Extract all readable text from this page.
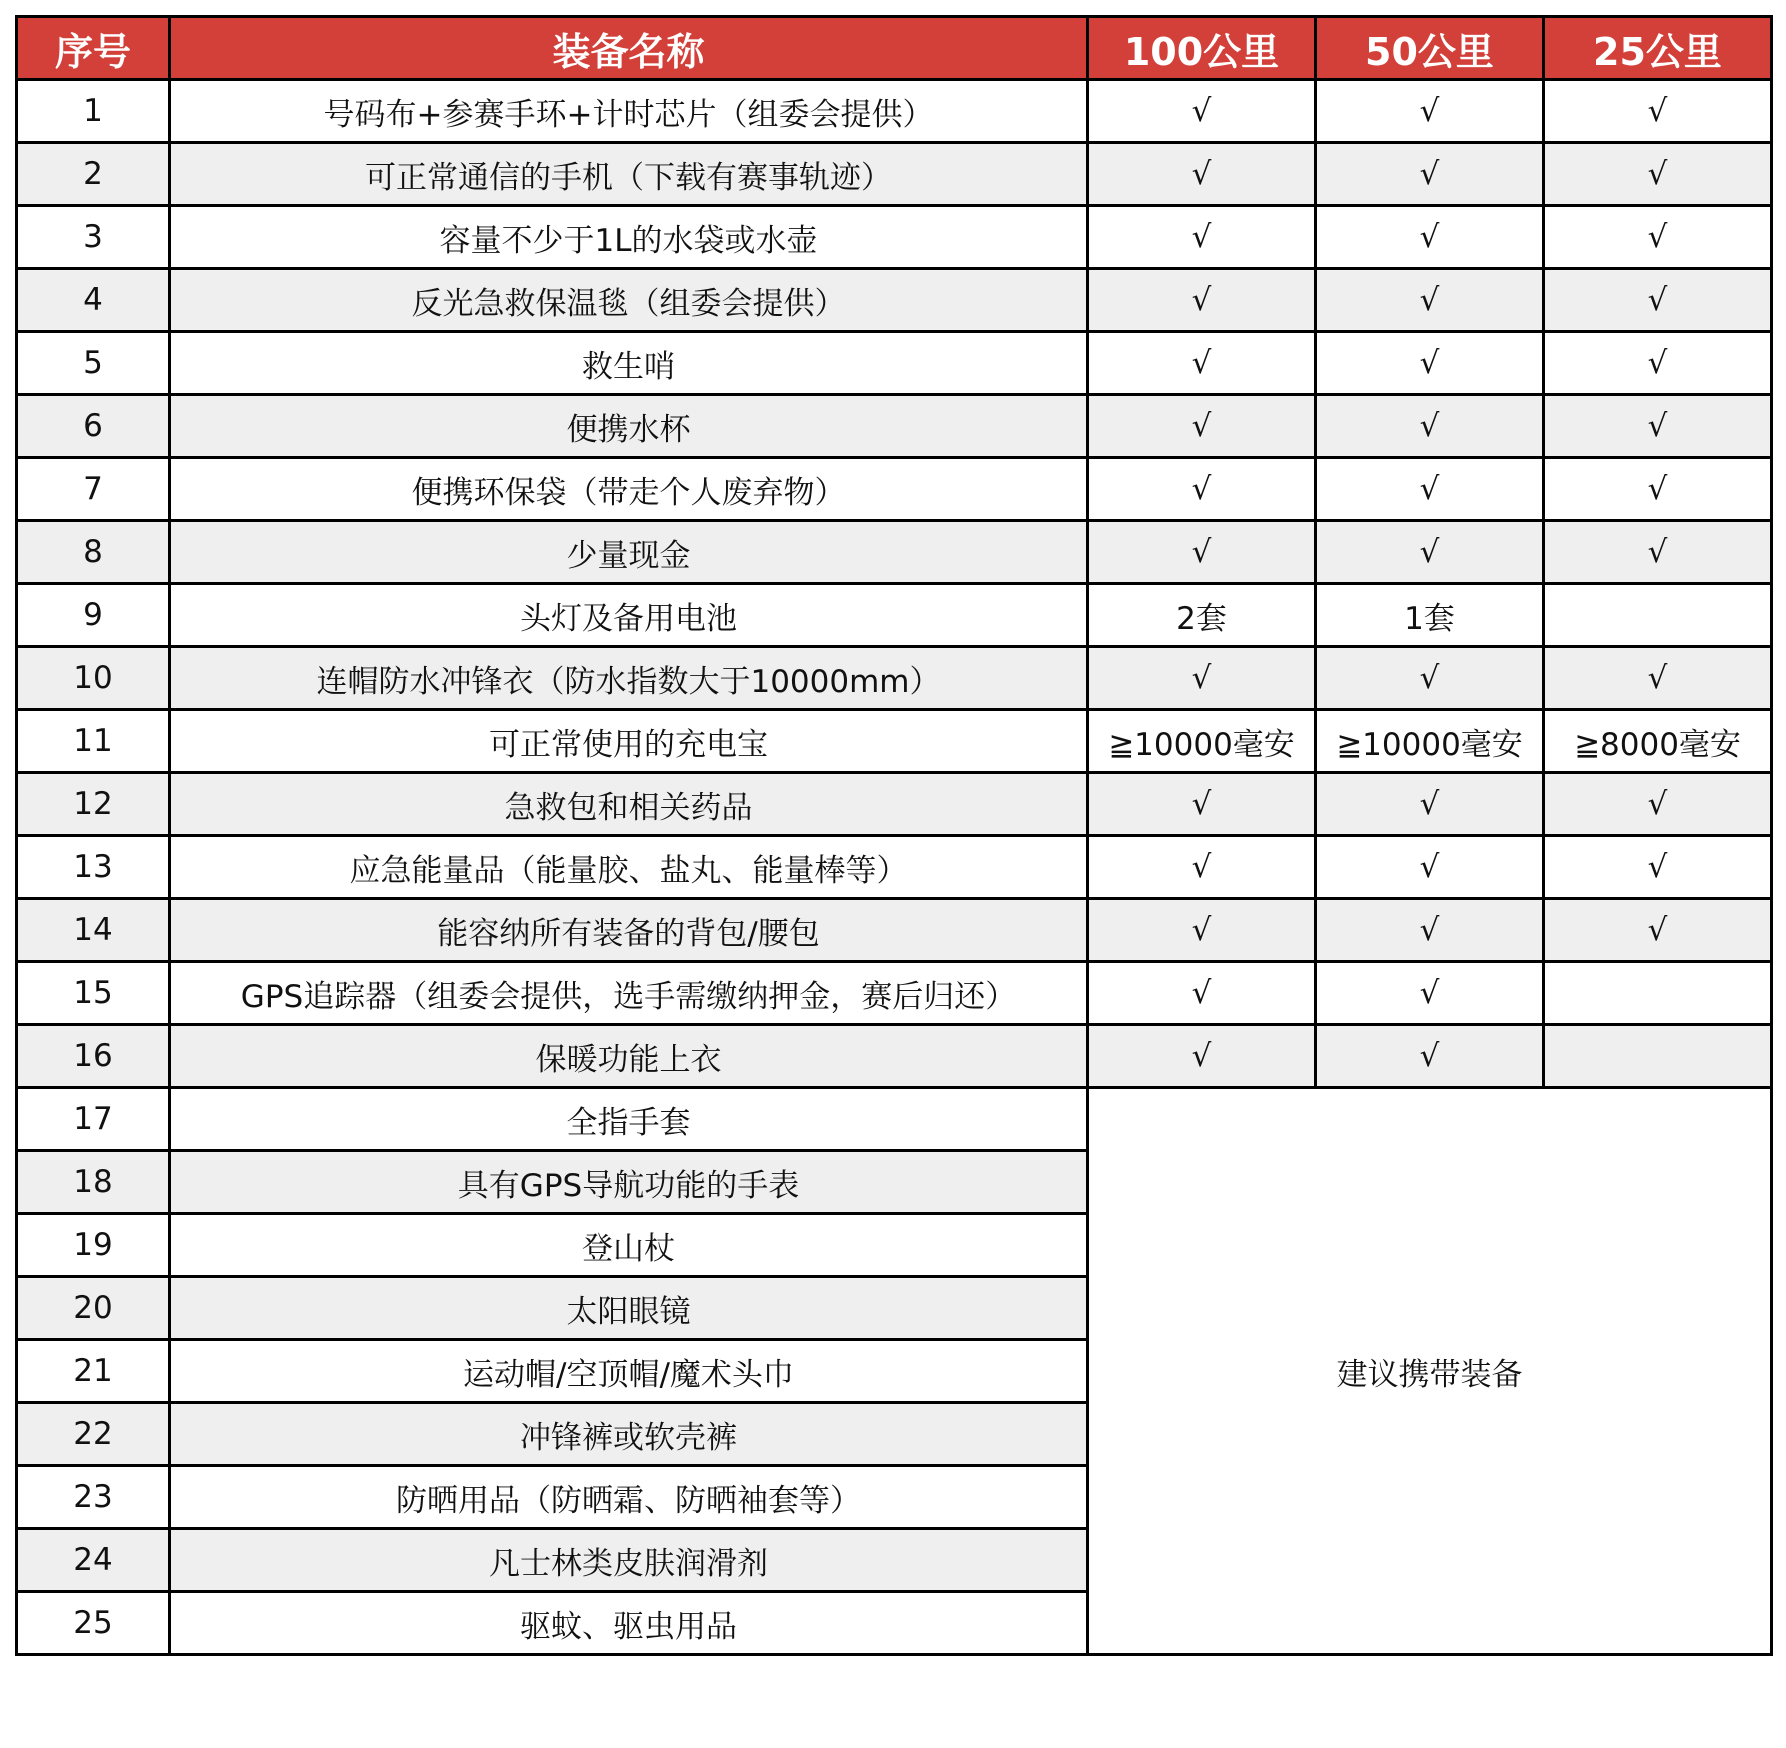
序号	装备名称	100公里	50公里	25公里
1	号码布+参赛手环+计时芯片（组委会提供）	√	√	√
2	可正常通信的手机（下载有赛事轨迹）	√	√	√
3	容量不少于1L的水袋或水壶	√	√	√
4	反光急救保温毯（组委会提供）	√	√	√
5	救生哨	√	√	√
6	便携水杯	√	√	√
7	便携环保袋（带走个人废弃物）	√	√	√
8	少量现金	√	√	√
9	头灯及备用电池	2套	1套	
10	连帽防水冲锋衣（防水指数大于10000mm）	√	√	√
11	可正常使用的充电宝	≧10000毫安	≧10000毫安	≧8000毫安
12	急救包和相关药品	√	√	√
13	应急能量品（能量胶、盐丸、能量棒等）	√	√	√
14	能容纳所有装备的背包/腰包	√	√	√
15	GPS追踪器（组委会提供，选手需缴纳押金，赛后归还）	√	√	
16	保暖功能上衣	√	√	
17	全指手套	建议携带装备		
18	具有GPS导航功能的手表			
19	登山杖			
20	太阳眼镜			
21	运动帽/空顶帽/魔术头巾			
22	冲锋裤或软壳裤			
23	防晒用品（防晒霜、防晒袖套等）			
24	凡士林类皮肤润滑剂			
25	驱蚊、驱虫用品			
